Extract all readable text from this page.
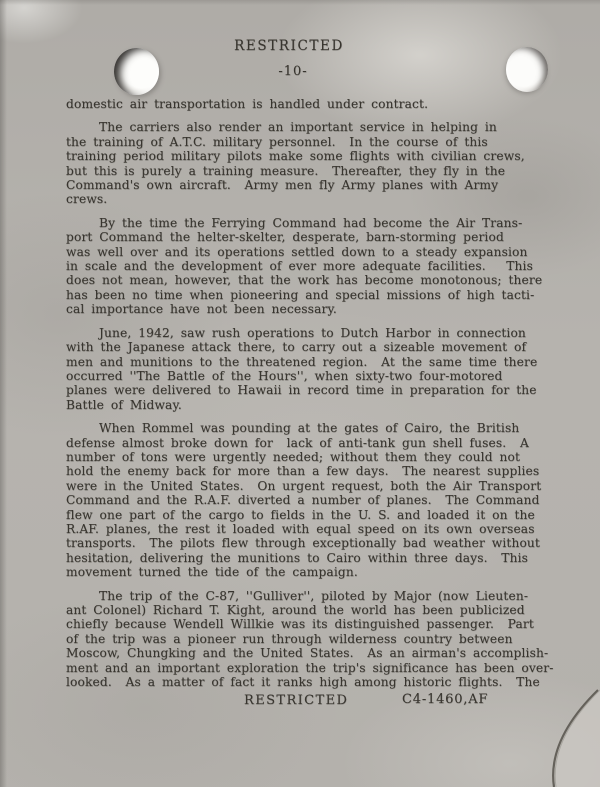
RESTRICTED
-10-
domestic air transportation is handled under contract.
The carriers also render an important service in helping in
the training of A.T.C. military personnel.  In the course of this
training period military pilots make some flights with civilian crews,
but this is purely a training measure.  Thereafter, they fly in the
Command's own aircraft.  Army men fly Army planes with Army
crews.
By the time the Ferrying Command had become the Air Trans-
port Command the helter-skelter, desperate, barn-storming period
was well over and its operations settled down to a steady expansion
in scale and the development of ever more adequate facilities.   This
does not mean, however, that the work has become monotonous; there
has been no time when pioneering and special missions of high tacti-
cal importance have not been necessary.
June, 1942, saw rush operations to Dutch Harbor in connection
with the Japanese attack there, to carry out a sizeable movement of
men and munitions to the threatened region.  At the same time there
occurred ''The Battle of the Hours'', when sixty-two four-motored
planes were delivered to Hawaii in record time in preparation for the
Battle of Midway.
When Rommel was pounding at the gates of Cairo, the British
defense almost broke down for  lack of anti-tank gun shell fuses.  A
number of tons were urgently needed; without them they could not
hold the enemy back for more than a few days.  The nearest supplies
were in the United States.  On urgent request, both the Air Transport
Command and the R.A.F. diverted a number of planes.  The Command
flew one part of the cargo to fields in the U. S. and loaded it on the
R.AF. planes, the rest it loaded with equal speed on its own overseas
transports.  The pilots flew through exceptionally bad weather without
hesitation, delivering the munitions to Cairo within three days.  This
movement turned the tide of the campaign.
The trip of the C-87, ''Gulliver'', piloted by Major (now Lieuten-
ant Colonel) Richard T. Kight, around the world has been publicized
chiefly because Wendell Willkie was its distinguished passenger.  Part
of the trip was a pioneer run through wilderness country between
Moscow, Chungking and the United States.  As an airman's accomplish-
ment and an important exploration the trip's significance has been over-
looked.  As a matter of fact it ranks high among historic flights.  The
RESTRICTED	C4-1460,AF
